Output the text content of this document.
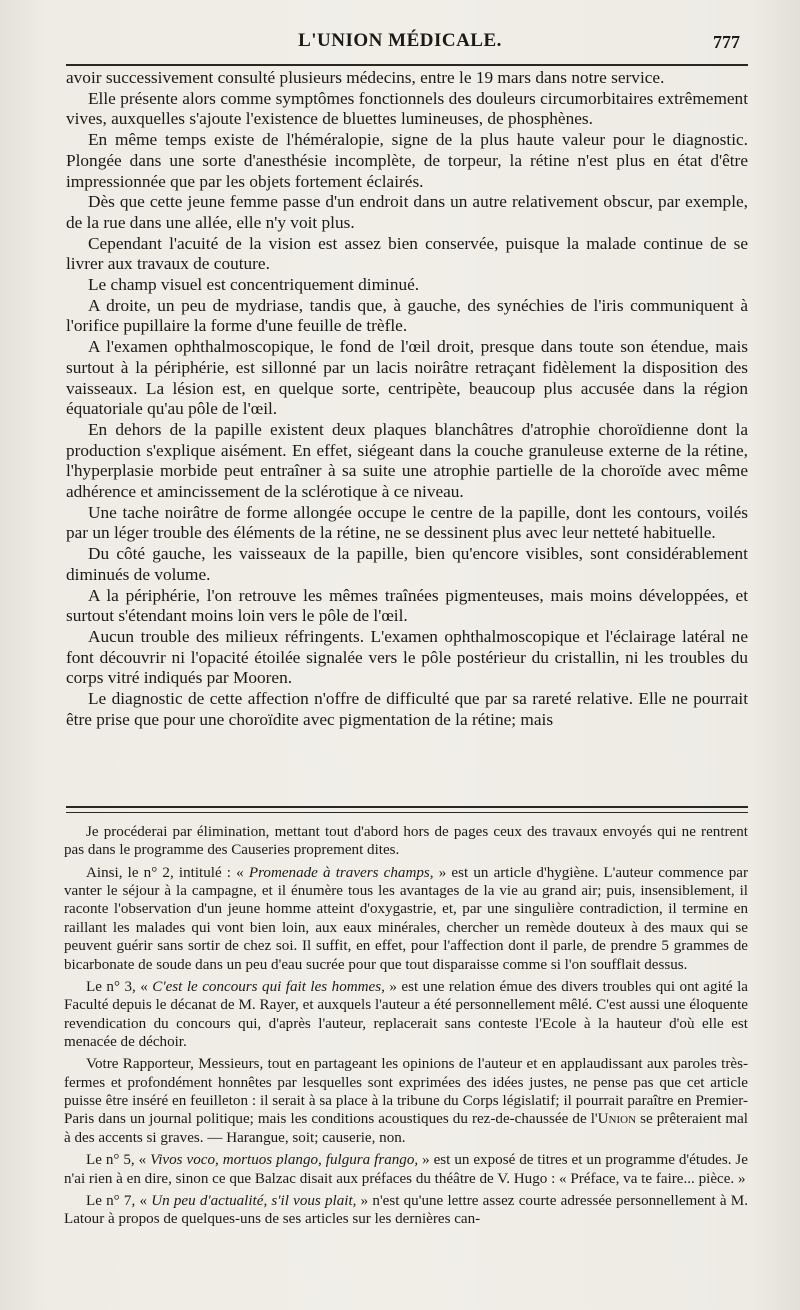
L'UNION MÉDICALE.	777

avoir successivement consulté plusieurs médecins, entre le 19 mars dans notre service.

Elle présente alors comme symptômes fonctionnels des douleurs circumorbitaires extrêmement vives, auxquelles s'ajoute l'existence de bluettes lumineuses, de phosphènes.

En même temps existe de l'héméralopie, signe de la plus haute valeur pour le diagnostic. Plongée dans une sorte d'anesthésie incomplète, de torpeur, la rétine n'est plus en état d'être impressionnée que par les objets fortement éclairés.

Dès que cette jeune femme passe d'un endroit dans un autre relativement obscur, par exemple, de la rue dans une allée, elle n'y voit plus.

Cependant l'acuité de la vision est assez bien conservée, puisque la malade continue de se livrer aux travaux de couture.

Le champ visuel est concentriquement diminué.

A droite, un peu de mydriase, tandis que, à gauche, des synéchies de l'iris communiquent à l'orifice pupillaire la forme d'une feuille de trèfle.

A l'examen ophthalmoscopique, le fond de l'œil droit, presque dans toute son étendue, mais surtout à la périphérie, est sillonné par un lacis noirâtre retraçant fidèlement la disposition des vaisseaux. La lésion est, en quelque sorte, centripète, beaucoup plus accusée dans la région équatoriale qu'au pôle de l'œil.

En dehors de la papille existent deux plaques blanchâtres d'atrophie choroïdienne dont la production s'explique aisément. En effet, siégeant dans la couche granuleuse externe de la rétine, l'hyperplasie morbide peut entraîner à sa suite une atrophie partielle de la choroïde avec même adhérence et amincissement de la sclérotique à ce niveau.

Une tache noirâtre de forme allongée occupe le centre de la papille, dont les contours, voilés par un léger trouble des éléments de la rétine, ne se dessinent plus avec leur netteté habituelle.

Du côté gauche, les vaisseaux de la papille, bien qu'encore visibles, sont considérablement diminués de volume.

A la périphérie, l'on retrouve les mêmes traînées pigmenteuses, mais moins développées, et surtout s'étendant moins loin vers le pôle de l'œil.

Aucun trouble des milieux réfringents. L'examen ophthalmoscopique et l'éclairage latéral ne font découvrir ni l'opacité étoilée signalée vers le pôle postérieur du cristallin, ni les troubles du corps vitré indiqués par Mooren.

Le diagnostic de cette affection n'offre de difficulté que par sa rareté relative. Elle ne pourrait être prise que pour une choroïdite avec pigmentation de la rétine; mais

Je procéderai par élimination, mettant tout d'abord hors de pages ceux des travaux envoyés qui ne rentrent pas dans le programme des Causeries proprement dites.

Ainsi, le n° 2, intitulé : « Promenade à travers champs, » est un article d'hygiène. L'auteur commence par vanter le séjour à la campagne, et il énumère tous les avantages de la vie au grand air; puis, insensiblement, il raconte l'observation d'un jeune homme atteint d'oxygastrie, et, par une singulière contradiction, il termine en raillant les malades qui vont bien loin, aux eaux minérales, chercher un remède douteux à des maux qui se peuvent guérir sans sortir de chez soi. Il suffit, en effet, pour l'affection dont il parle, de prendre 5 grammes de bicarbonate de soude dans un peu d'eau sucrée pour que tout disparaisse comme si l'on soufflait dessus.

Le n° 3, « C'est le concours qui fait les hommes, » est une relation émue des divers troubles qui ont agité la Faculté depuis le décanat de M. Rayer, et auxquels l'auteur a été personnellement mêlé. C'est aussi une éloquente revendication du concours qui, d'après l'auteur, replacerait sans conteste l'Ecole à la hauteur d'où elle est menacée de déchoir.

Votre Rapporteur, Messieurs, tout en partageant les opinions de l'auteur et en applaudissant aux paroles très-fermes et profondément honnêtes par lesquelles sont exprimées des idées justes, ne pense pas que cet article puisse être inséré en feuilleton : il serait à sa place à la tribune du Corps législatif; il pourrait paraître en Premier-Paris dans un journal politique; mais les conditions acoustiques du rez-de-chaussée de l'Union se prêteraient mal à des accents si graves. — Harangue, soit; causerie, non.

Le n° 5, « Vivos voco, mortuos plango, fulgura frango, » est un exposé de titres et un programme d'études. Je n'ai rien à en dire, sinon ce que Balzac disait aux préfaces du théâtre de V. Hugo : « Préface, va te faire... pièce. »

Le n° 7, « Un peu d'actualité, s'il vous plait, » n'est qu'une lettre assez courte adressée personnellement à M. Latour à propos de quelques-uns de ses articles sur les dernières can-
